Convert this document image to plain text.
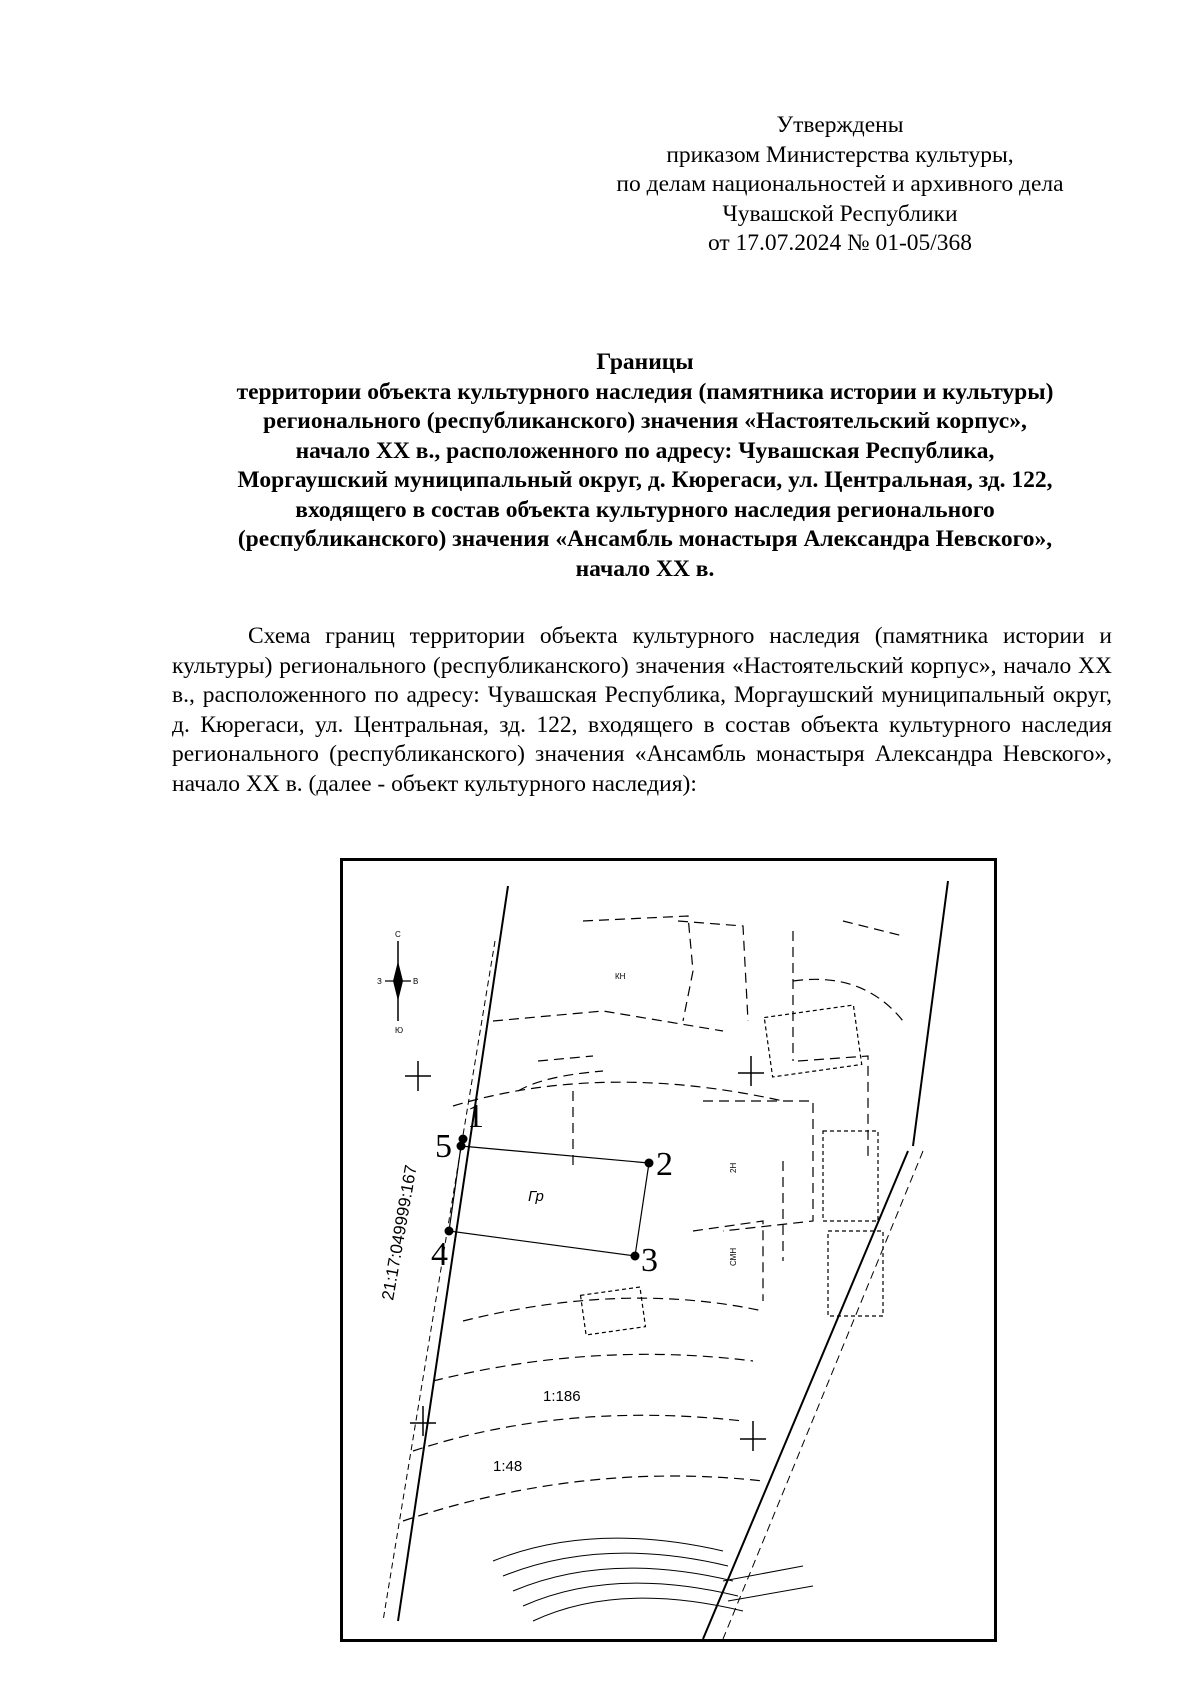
Утверждены
приказом Министерства культуры,
по делам национальностей и архивного дела
Чувашской Республики
от 17.07.2024 № 01-05/368
Границы
территории объекта культурного наследия (памятника истории и культуры)
регионального (республиканского) значения «Настоятельский корпус»,
начало XX в., расположенного по адресу: Чувашская Республика,
Моргаушский муниципальный округ, д. Кюрегаси, ул. Центральная, зд. 122,
входящего в состав объекта культурного наследия регионального
(республиканского) значения «Ансамбль монастыря Александра Невского»,
начало XX в.

Схема границ территории объекта культурного наследия (памятника истории и культуры) регионального (республиканского) значения «Настоятельский корпус», начало XX в., расположенного по адресу: Чувашская Республика, Моргаушский муниципальный округ, д. Кюрегаси, ул. Центральная, зд. 122, входящего в состав объекта культурного наследия регионального (республиканского) значения «Ансамбль монастыря Александра Невского», начало XX в. (далее - объект культурного наследия):

1
2
3
4
5
Гр
КН
2Н
СМН
21:17:049999:167
1:186
1:48
С
Ю
З	В
